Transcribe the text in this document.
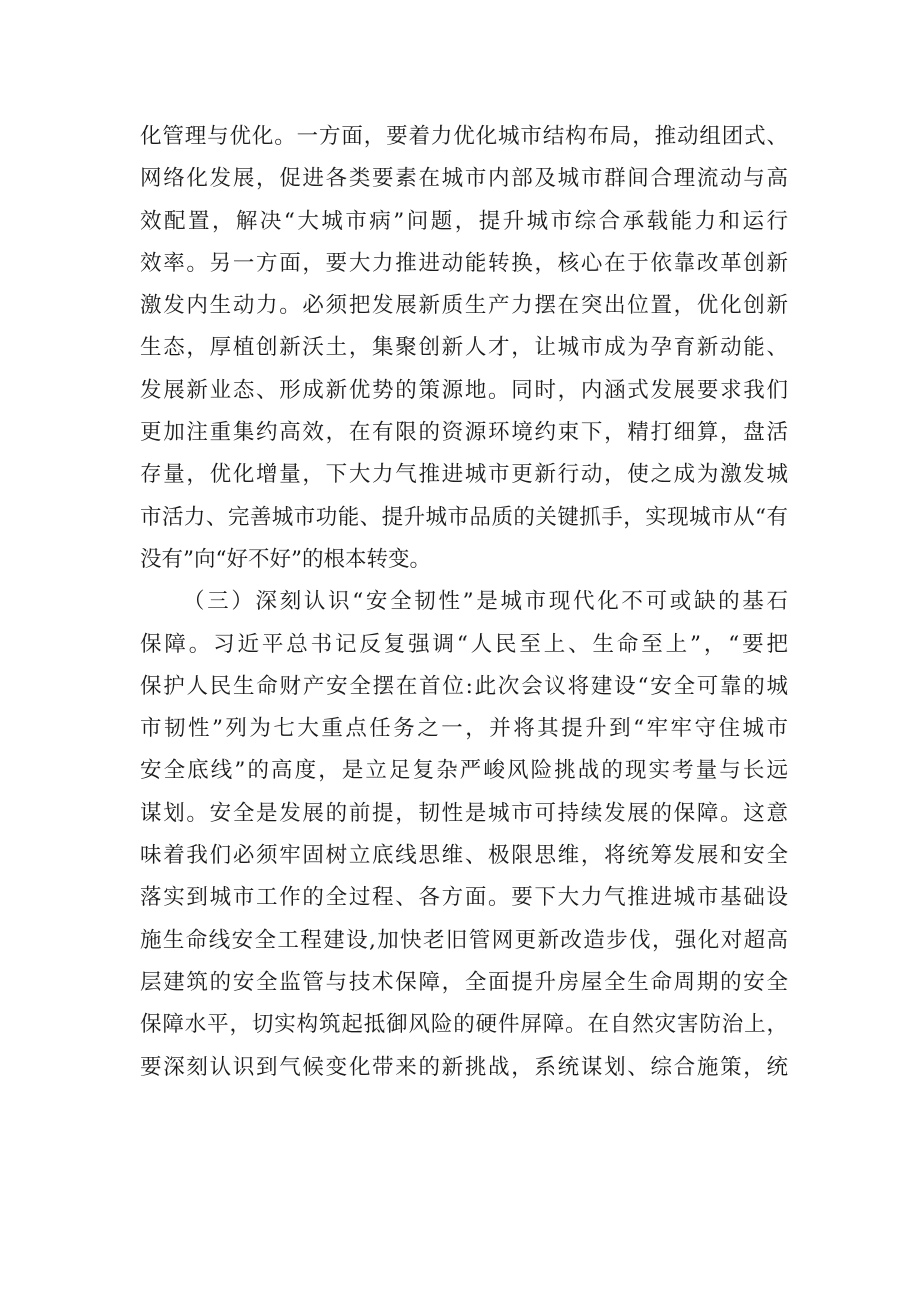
化管理与优化。一方面，要着力优化城市结构布局，推动组团式、
网络化发展，促进各类要素在城市内部及城市群间合理流动与高
效配置，解决“大城市病”问题，提升城市综合承载能力和运行
效率。另一方面，要大力推进动能转换，核心在于依靠改革创新
激发内生动力。必须把发展新质生产力摆在突出位置，优化创新
生态，厚植创新沃土，集聚创新人才，让城市成为孕育新动能、
发展新业态、形成新优势的策源地。同时，内涵式发展要求我们
更加注重集约高效，在有限的资源环境约束下，精打细算，盘活
存量，优化增量，下大力气推进城市更新行动，使之成为激发城
市活力、完善城市功能、提升城市品质的关键抓手，实现城市从“有
没有”向“好不好”的根本转变。
（三）深刻认识“安全韧性”是城市现代化不可或缺的基石
保障。习近平总书记反复强调“人民至上、生命至上”，“要把
保护人民生命财产安全摆在首位:此次会议将建设“安全可靠的城
市韧性”列为七大重点任务之一，并将其提升到“牢牢守住城市
安全底线”的高度，是立足复杂严峻风险挑战的现实考量与长远
谋划。安全是发展的前提，韧性是城市可持续发展的保障。这意
味着我们必须牢固树立底线思维、极限思维，将统筹发展和安全
落实到城市工作的全过程、各方面。要下大力气推进城市基础设
施生命线安全工程建设,加快老旧管网更新改造步伐，强化对超高
层建筑的安全监管与技术保障，全面提升房屋全生命周期的安全
保障水平，切实构筑起抵御风险的硬件屏障。在自然灾害防治上，
要深刻认识到气候变化带来的新挑战，系统谋划、综合施策，统
